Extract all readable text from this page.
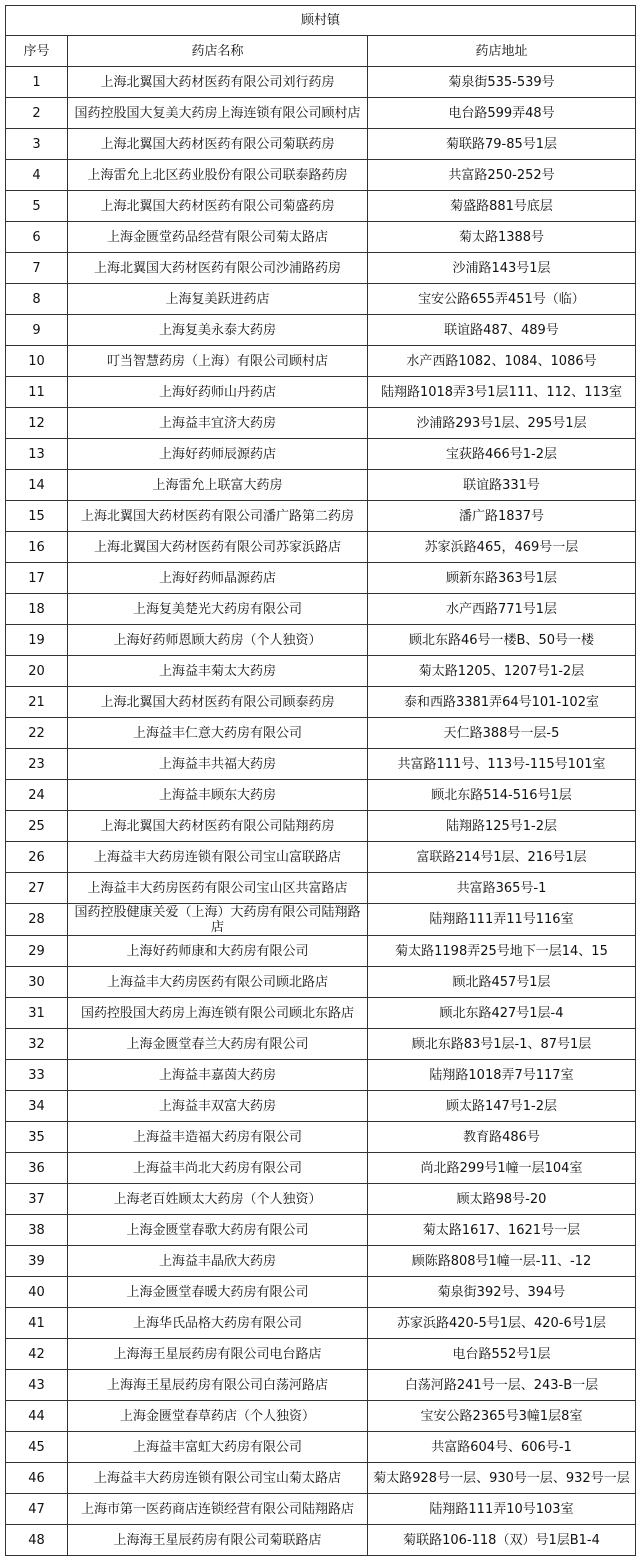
顾村镇		
序号	药店名称	药店地址
1	上海北翼国大药材医药有限公司刘行药房	菊泉街535-539号
2	国药控股国大复美大药房上海连锁有限公司顾村店	电台路599弄48号
3	上海北翼国大药材医药有限公司菊联药房	菊联路79-85号1层
4	上海雷允上北区药业股份有限公司联泰路药房	共富路250-252号
5	上海北翼国大药材医药有限公司菊盛药房	菊盛路881号底层
6	上海金匮堂药品经营有限公司菊太路店	菊太路1388号
7	上海北翼国大药材医药有限公司沙浦路药房	沙浦路143号1层
8	上海复美跃进药店	宝安公路655弄451号（临）
9	上海复美永泰大药房	联谊路487、489号
10	叮当智慧药房（上海）有限公司顾村店	水产西路1082、1084、1086号
11	上海好药师山丹药店	陆翔路1018弄3号1层111、112、113室
12	上海益丰宜济大药房	沙浦路293号1层、295号1层
13	上海好药师辰源药店	宝荻路466号1-2层
14	上海雷允上联富大药房	联谊路331号
15	上海北翼国大药材医药有限公司潘广路第二药房	潘广路1837号
16	上海北翼国大药材医药有限公司苏家浜路店	苏家浜路465，469号一层
17	上海好药师晶源药店	顾新东路363号1层
18	上海复美楚光大药房有限公司	水产西路771号1层
19	上海好药师恩顾大药房（个人独资）	顾北东路46号一楼B、50号一楼
20	上海益丰菊太大药房	菊太路1205、1207号1-2层
21	上海北翼国大药材医药有限公司顾泰药房	泰和西路3381弄64号101-102室
22	上海益丰仁意大药房有限公司	天仁路388号一层-5
23	上海益丰共福大药房	共富路111号、113号-115号101室
24	上海益丰顾东大药房	顾北东路514-516号1层
25	上海北翼国大药材医药有限公司陆翔药房	陆翔路125号1-2层
26	上海益丰大药房连锁有限公司宝山富联路店	富联路214号1层、216号1层
27	上海益丰大药房医药有限公司宝山区共富路店	共富路365号-1
28	国药控股健康关爱（上海）大药房有限公司陆翔路店	陆翔路111弄11号116室
29	上海好药师康和大药房有限公司	菊太路1198弄25号地下一层14、15
30	上海益丰大药房医药有限公司顾北路店	顾北路457号1层
31	国药控股国大药房上海连锁有限公司顾北东路店	顾北东路427号1层-4
32	上海金匮堂春兰大药房有限公司	顾北东路83号1层-1、87号1层
33	上海益丰嘉茵大药房	陆翔路1018弄7号117室
34	上海益丰双富大药房	顾太路147号1-2层
35	上海益丰造福大药房有限公司	教育路486号
36	上海益丰尚北大药房有限公司	尚北路299号1幢一层104室
37	上海老百姓顾太大药房（个人独资）	顾太路98号-20
38	上海金匮堂春歌大药房有限公司	菊太路1617、1621号一层
39	上海益丰晶欣大药房	顾陈路808号1幢一层-11、-12
40	上海金匮堂春暖大药房有限公司	菊泉街392号、394号
41	上海华氏品格大药房有限公司	苏家浜路420-5号1层、420-6号1层
42	上海海王星辰药房有限公司电台路店	电台路552号1层
43	上海海王星辰药房有限公司白荡河路店	白荡河路241号一层、243-B一层
44	上海金匮堂春草药店（个人独资）	宝安公路2365号3幢1层8室
45	上海益丰富虹大药房有限公司	共富路604号、606号-1
46	上海益丰大药房连锁有限公司宝山菊太路店	菊太路928号一层、930号一层、932号一层
47	上海市第一医药商店连锁经营有限公司陆翔路店	陆翔路111弄10号103室
48	上海海王星辰药房有限公司菊联路店	菊联路106-118（双）号1层B1-4
